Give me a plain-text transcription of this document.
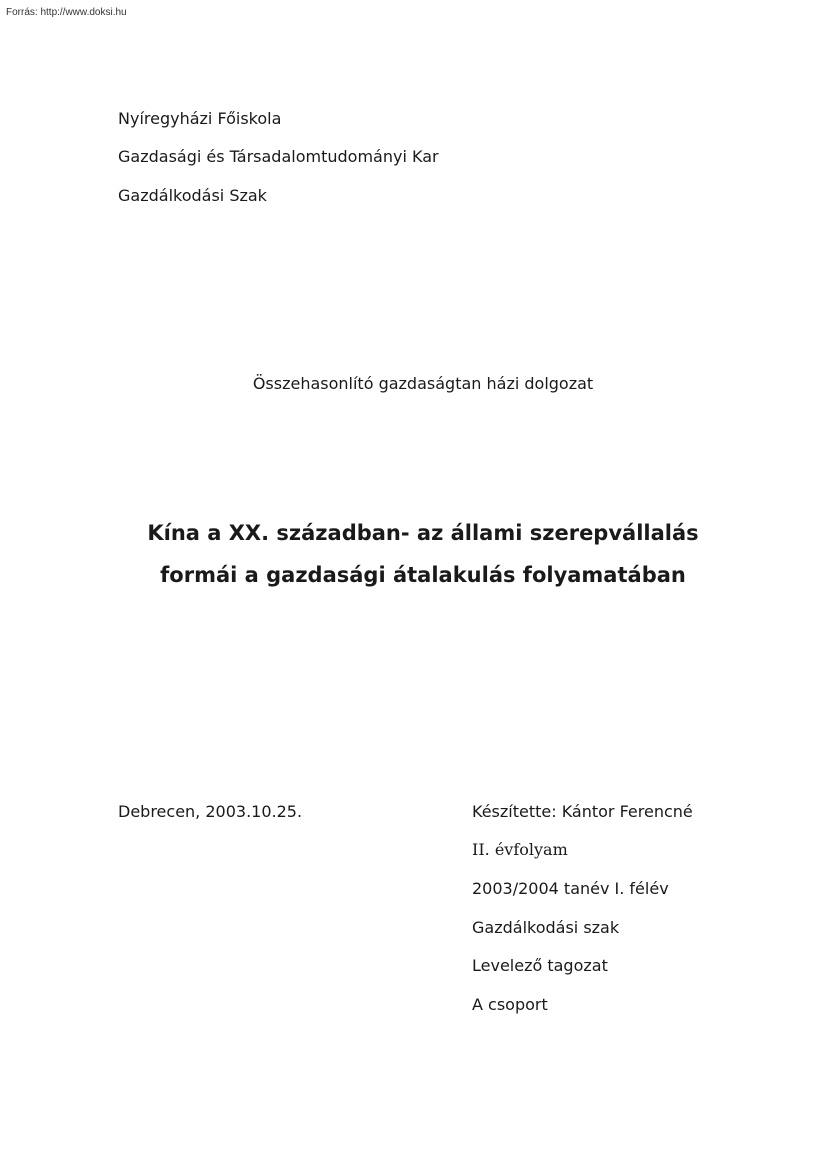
Forrás: http://www.doksi.hu
Nyíregyházi Főiskola
Gazdasági és Társadalomtudományi Kar
Gazdálkodási Szak
Összehasonlító gazdaságtan házi dolgozat
Kína a XX. században- az állami szerepvállalás
formái a gazdasági átalakulás folyamatában
Debrecen, 2003.10.25.	Készítette: Kántor Ferencné
II. évfolyam
2003/2004 tanév I. félév
Gazdálkodási szak
Levelező tagozat
A csoport
